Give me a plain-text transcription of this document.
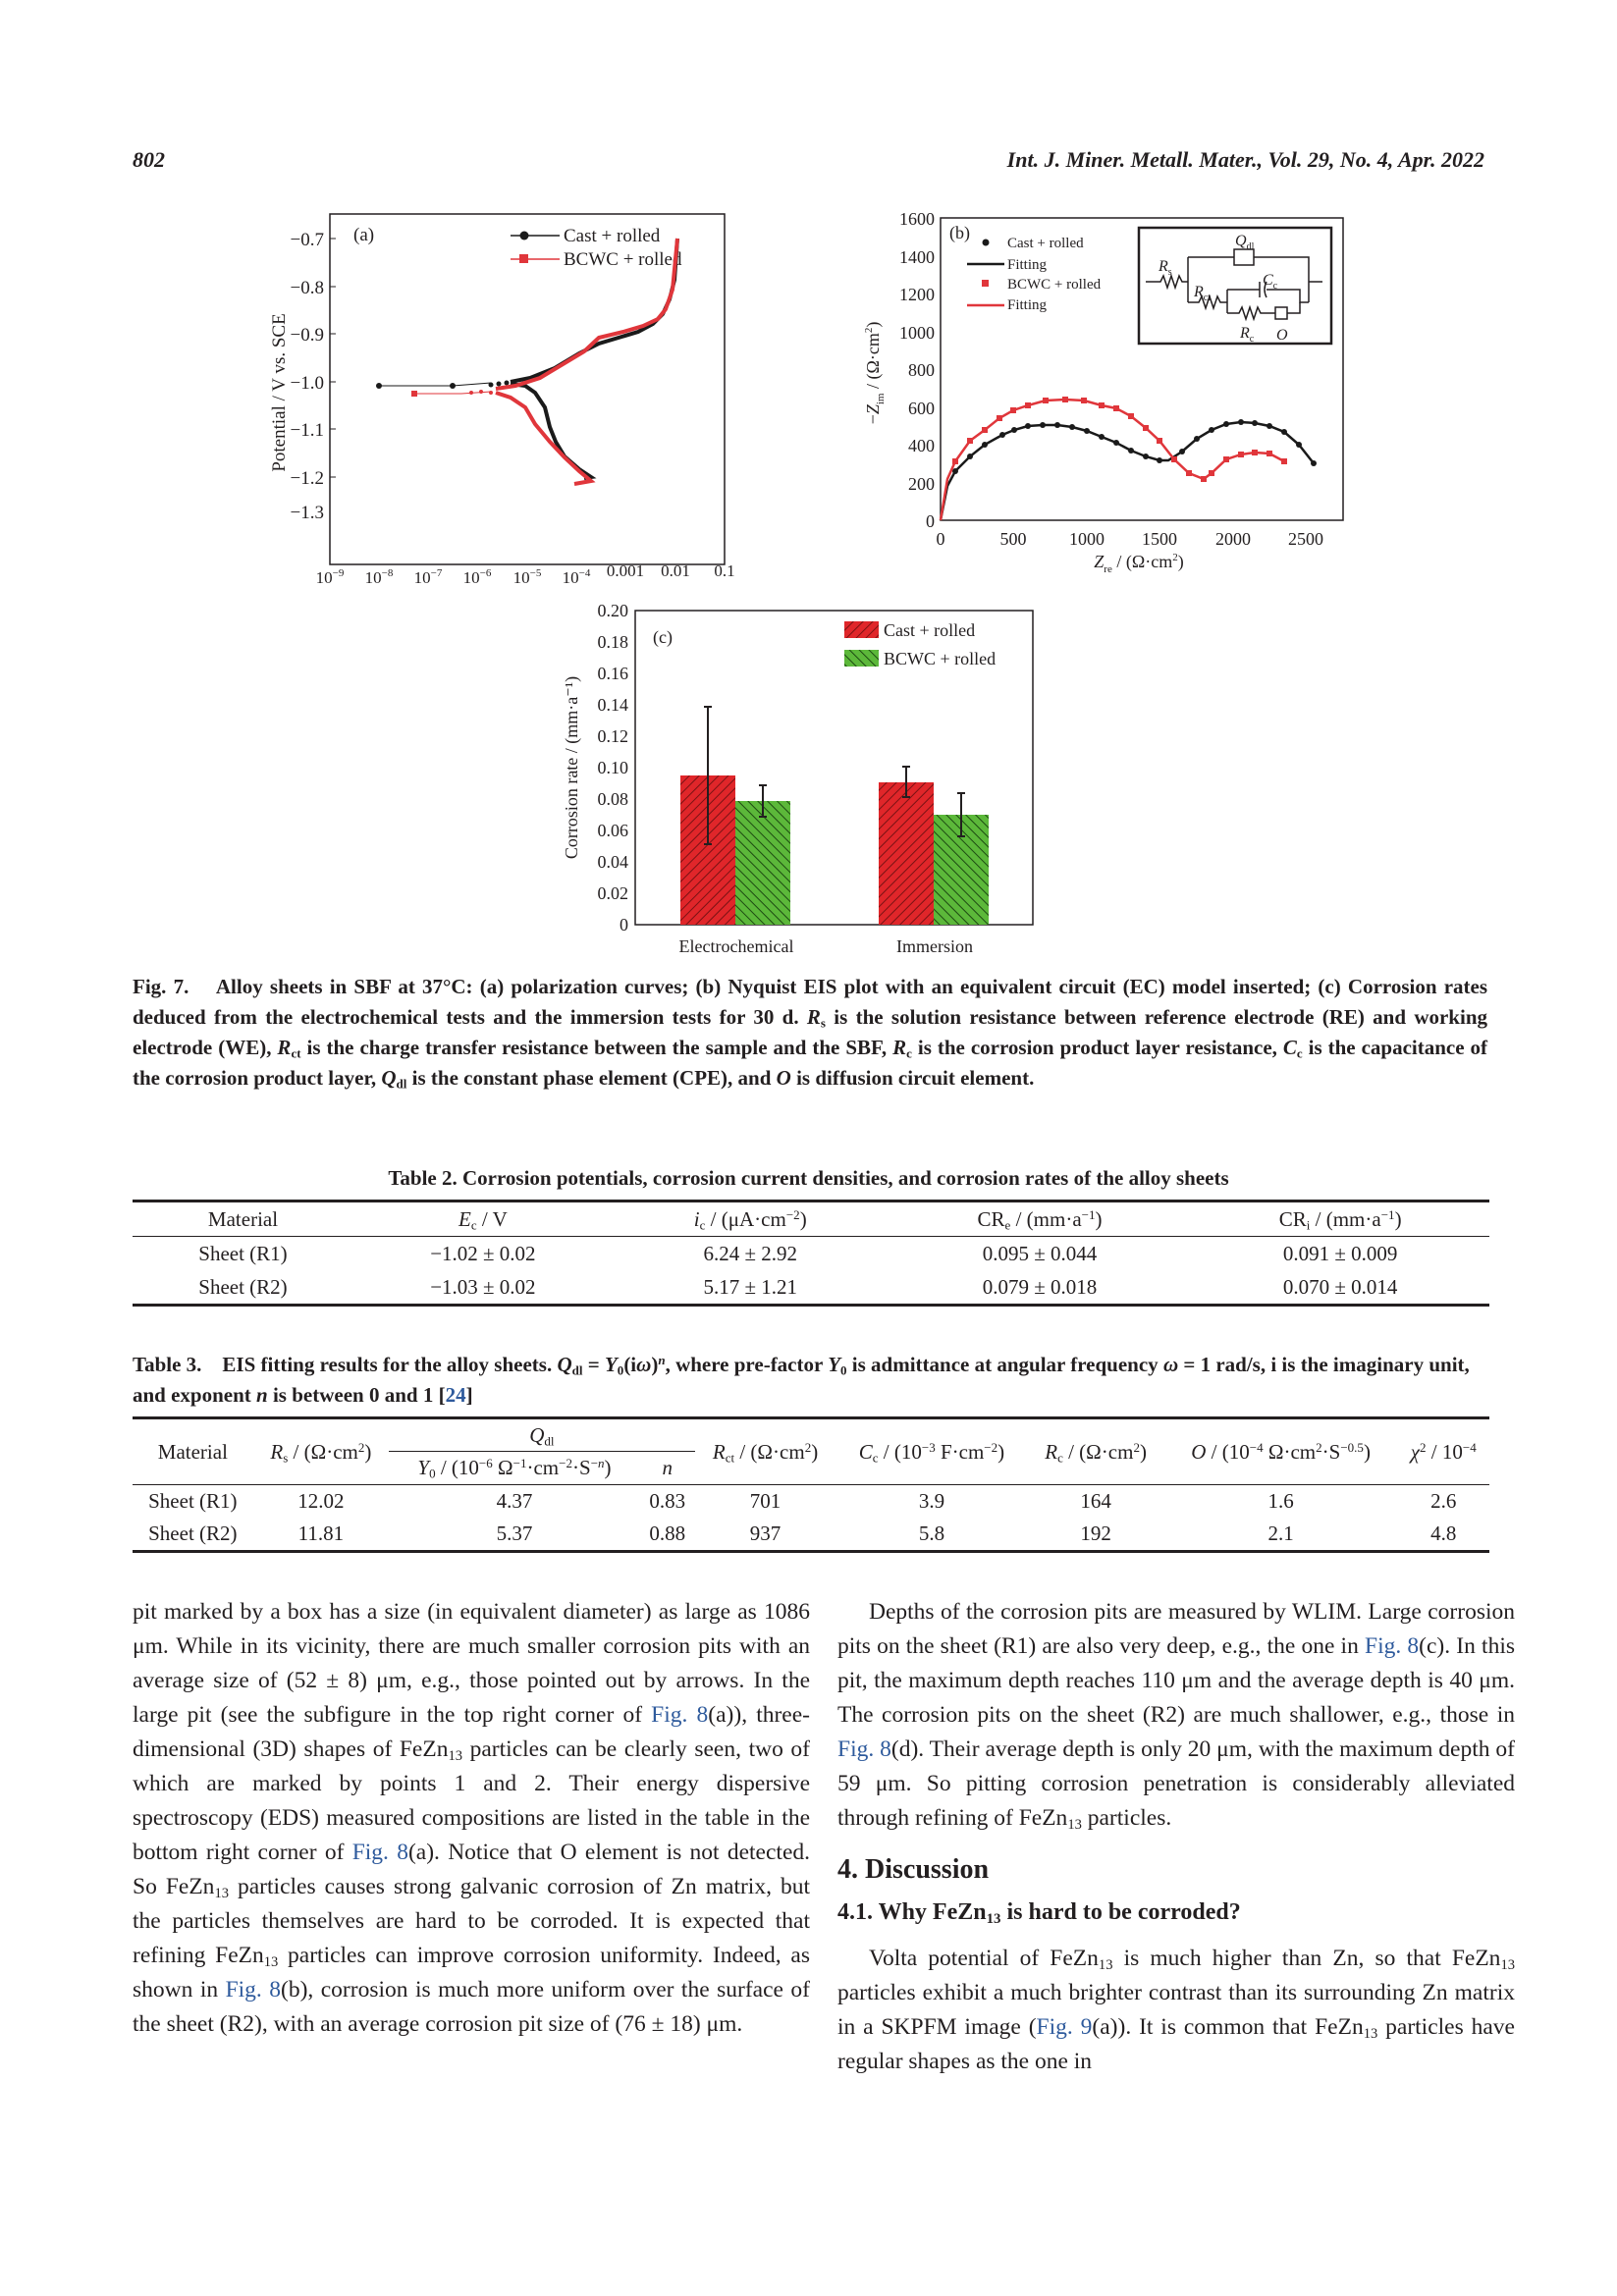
802	Int. J. Miner. Metall. Mater., Vol. 29, No. 4, Apr. 2022
−0.7
−0.8
−0.9
−1.0
−1.1
−1.2
−1.3
$10^{-9}$ $10^{-8}$ $10^{-7}$ $10^{-6}$ $10^{-5}$ $10^{-4}$ 0.001 0.01 0.1
Potential / V vs. SCE
(a)	Cast + rolled
BCWC + rolled
1600
1400
1200
1000
800
600
400
200
0
0	500 1000 1500 2000 2500
$-Z_{im} / (\Omega\cdot cm^2)$
$Z_{re} / (\Omega\cdot cm^2)$
(b)
Cast + rolled
Fitting
BCWC + rolled
Fitting
$R_s$
$Q_{dl}$
$R_{ct}$
$C_c$
$R_c$ O
0.20
0.18
0.16
0.14
0.12
0.10
0.08
0.06
0.04
0.02
0
Corrosion rate / (mm·a⁻¹)
(c)	Cast + rolled
BCWC + rolled
Electrochemical	Immersion
Fig. 7.    Alloy sheets in SBF at 37°C: (a) polarization curves; (b) Nyquist EIS plot with an equivalent circuit (EC) model inserted; (c) Corrosion rates deduced from the electrochemical tests and the immersion tests for 30 d. $R_s$ is the solution resistance between reference electrode (RE) and working electrode (WE), $R_{ct}$ is the charge transfer resistance between the sample and the SBF, $R_c$ is the corrosion product layer resistance, $C_c$ is the capacitance of the corrosion product layer, $Q_{dl}$ is the constant phase element (CPE), and O is diffusion circuit element.
Table 2. Corrosion potentials, corrosion current densities, and corrosion rates of the alloy sheets
Material	$E_c$ / V	$i_c / (\mu A\cdot cm^{-2})$	$CR_e / (mm\cdot a^{-1})$	$CR_i / (mm\cdot a^{-1})$
Sheet (R1)	−1.02 ± 0.02	6.24 ± 2.92	0.095 ± 0.044	0.091 ± 0.009
Sheet (R2)	−1.03 ± 0.02	5.17 ± 1.21	0.079 ± 0.018	0.070 ± 0.014
Table 3.    EIS fitting results for the alloy sheets. $Q_{dl} = Y_0(i\omega)^n$, where pre-factor $Y_0$ is admittance at angular frequency ω = 1 rad/s, i is the imaginary unit, and exponent n is between 0 and 1 [24]
Material	$R_s / (\Omega\cdot cm^2)$	$Q_{dl}$		$R_{ct} / (\Omega\cdot cm^2)$	$C_c / (10^{-3}$ $F\cdot cm^{-2}$)	$R_c / (\Omega\cdot cm^2)$	O / ($10^{-4}$ $\Omega\cdot cm^2\cdot S^{-0.5}$)	$\chi^2 / 10^{-4}$
		$Y_0 / (10^{-6}$ $\Omega^{-1}\cdot cm^{-2}\cdot S^{-n}$)	n					
Sheet (R1)	12.02	4.37	0.83	701	3.9	164	1.6	2.6
Sheet (R2)	11.81	5.37	0.88	937	5.8	192	2.1	4.8

pit marked by a box has a size (in equivalent diameter) as large as 1086 μm. While in its vicinity, there are much smaller corrosion pits with an average size of (52 ± 8) μm, e.g., those pointed out by arrows. In the large pit (see the subfigure in the top right corner of Fig. 8(a)), three-dimensional (3D) shapes of FeZn$_{13}$ particles can be clearly seen, two of which are marked by points 1 and 2. Their energy dispersive spectroscopy (EDS) measured compositions are listed in the table in the bottom right corner of Fig. 8(a). Notice that O element is not detected. So FeZn$_{13}$ particles causes strong galvanic corrosion of Zn matrix, but the particles themselves are hard to be corroded. It is expected that refining FeZn$_{13}$ particles can improve corrosion uniformity. Indeed, as shown in Fig. 8(b), corrosion is much more uniform over the surface of the sheet (R2), with an average corrosion pit size of (76 ± 18) μm.

Depths of the corrosion pits are measured by WLIM. Large corrosion pits on the sheet (R1) are also very deep, e.g., the one in Fig. 8(c). In this pit, the maximum depth reaches 110 μm and the average depth is 40 μm. The corrosion pits on the sheet (R2) are much shallower, e.g., those in Fig. 8(d). Their average depth is only 20 μm, with the maximum depth of 59 μm. So pitting corrosion penetration is considerably alleviated through refining of FeZn$_{13}$ particles.

4. Discussion
4.1. Why FeZn$_{13}$ is hard to be corroded?

Volta potential of FeZn$_{13}$ is much higher than Zn, so that FeZn$_{13}$ particles exhibit a much brighter contrast than its surrounding Zn matrix in a SKPFM image (Fig. 9(a)). It is common that FeZn$_{13}$ particles have regular shapes as the one in
